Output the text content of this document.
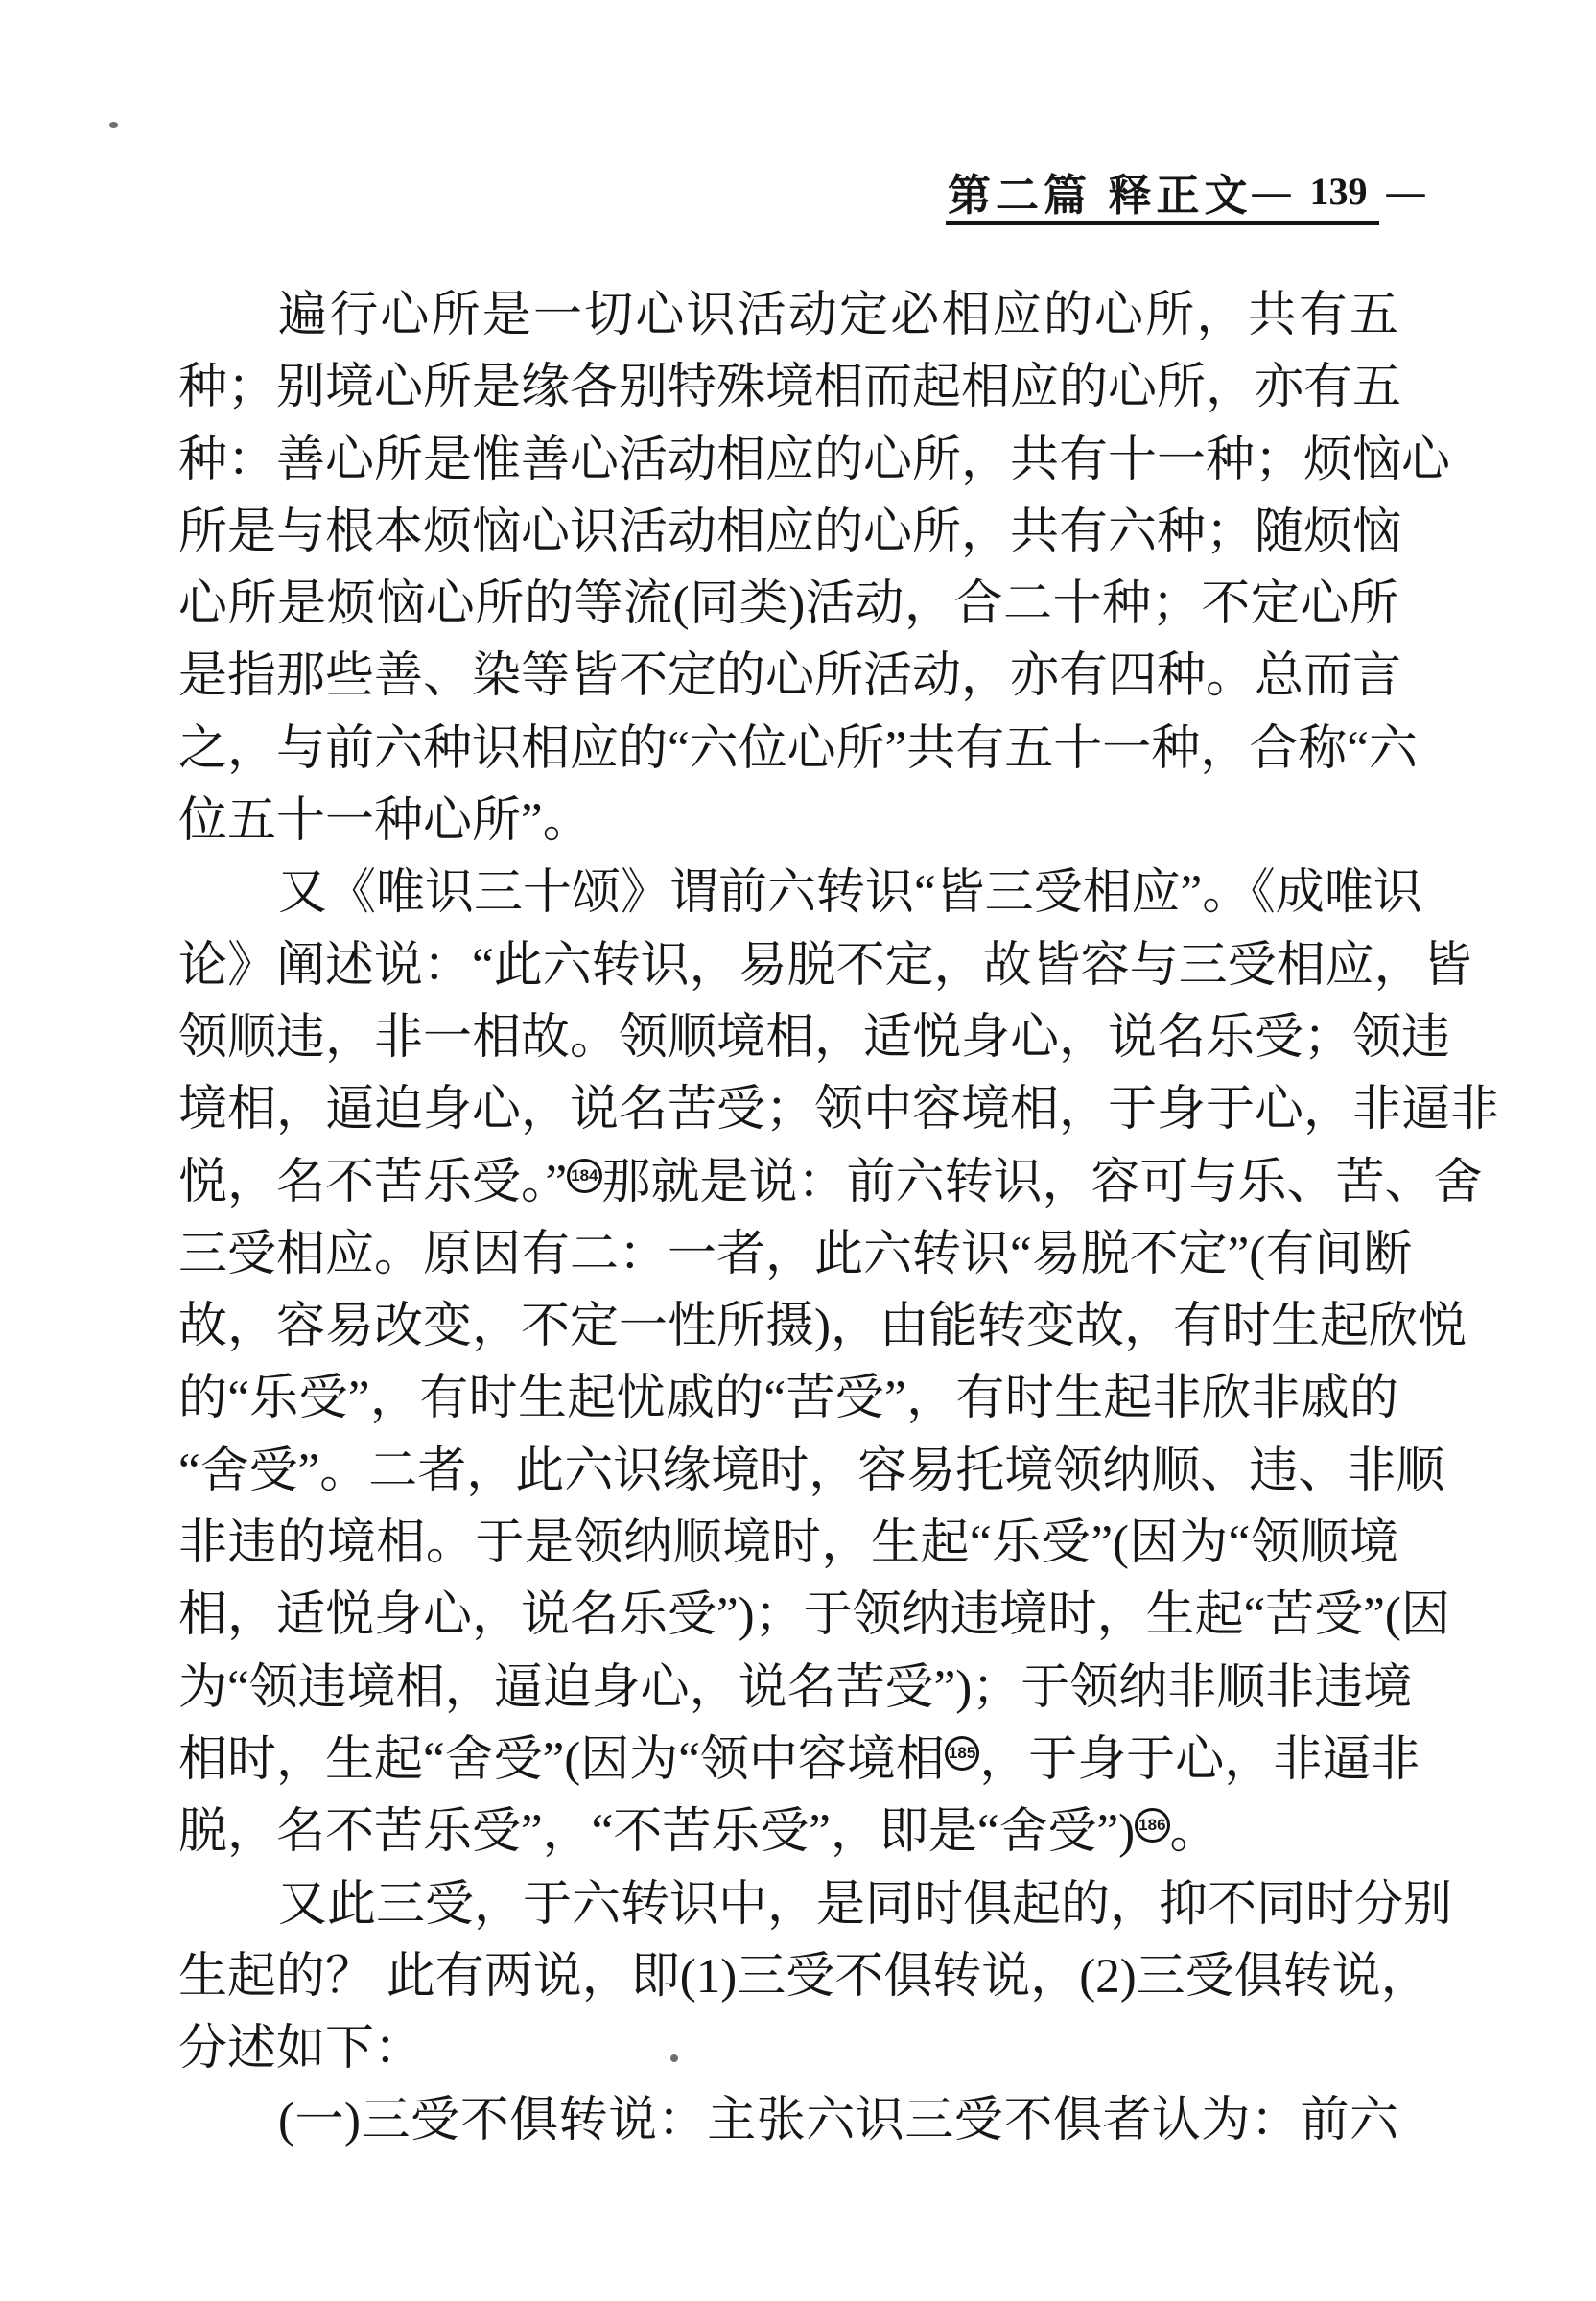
第二篇 释正文 — 139 —
遍行心所是一切心识活动定必相应的心所，共有五
种；别境心所是缘各别特殊境相而起相应的心所，亦有五
种：善心所是惟善心活动相应的心所，共有十一种；烦恼心
所是与根本烦恼心识活动相应的心所，共有六种；随烦恼
心所是烦恼心所的等流(同类)活动，合二十种；不定心所
是指那些善、染等皆不定的心所活动，亦有四种。总而言
之，与前六种识相应的“六位心所”共有五十一种，合称“六
位五十一种心所”。
又《唯识三十颂》谓前六转识“皆三受相应”。《成唯识
论》阐述说：“此六转识，易脱不定，故皆容与三受相应，皆
领顺违，非一相故。领顺境相，适悦身心，说名乐受；领违
境相，逼迫身心，说名苦受；领中容境相，于身于心，非逼非
悦，名不苦乐受。” 184那就是说：前六转识，容可与乐、苦、舍
三受相应。原因有二：一者，此六转识“易脱不定”(有间断
故，容易改变，不定一性所摄)，由能转变故，有时生起欣悦
的“乐受”，有时生起忧戚的“苦受”，有时生起非欣非戚的
“舍受”。二者，此六识缘境时，容易托境领纳顺、违、非顺
非违的境相。于是领纳顺境时，生起“乐受”(因为“领顺境
相，适悦身心，说名乐受”)；于领纳违境时，生起“苦受”(因
为“领违境相，逼迫身心，说名苦受”)；于领纳非顺非违境
相时，生起“舍受”(因为“领中容境相 185，于身于心，非逼非
脱，名不苦乐受”，“不苦乐受”，即是“舍受”) 186。
又此三受，于六转识中，是同时俱起的，抑不同时分别
生起的？ 此有两说，即(1)三受不俱转说，(2)三受俱转说，
分述如下：
(一)三受不俱转说：主张六识三受不俱者认为：前六
